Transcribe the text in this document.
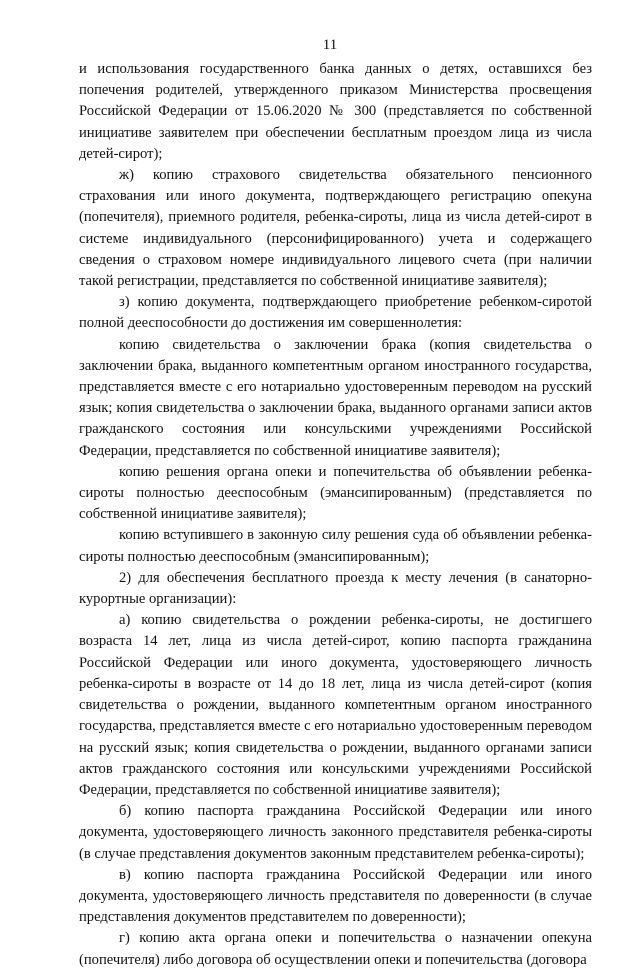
11

и использования государственного банка данных о детях, оставшихся без попечения родителей, утвержденного приказом Министерства просвещения Российской Федерации от 15.06.2020 № 300 (представляется по собственной инициативе заявителем при обеспечении бесплатным проездом лица из числа детей-сирот);

ж) копию страхового свидетельства обязательного пенсионного страхования или иного документа, подтверждающего регистрацию опекуна (попечителя), приемного родителя, ребенка-сироты, лица из числа детей-сирот в системе индивидуального (персонифицированного) учета и содержащего сведения о страховом номере индивидуального лицевого счета (при наличии такой регистрации, представляется по собственной инициативе заявителя);

з) копию документа, подтверждающего приобретение ребенком-сиротой полной дееспособности до достижения им совершеннолетия:

копию свидетельства о заключении брака (копия свидетельства о заключении брака, выданного компетентным органом иностранного государства, представляется вместе с его нотариально удостоверенным переводом на русский язык; копия свидетельства о заключении брака, выданного органами записи актов гражданского состояния или консульскими учреждениями Российской Федерации, представляется по собственной инициативе заявителя);

копию решения органа опеки и попечительства об объявлении ребенка-сироты полностью дееспособным (эмансипированным) (представляется по собственной инициативе заявителя);

копию вступившего в законную силу решения суда об объявлении ребенка-сироты полностью дееспособным (эмансипированным);

2) для обеспечения бесплатного проезда к месту лечения (в санаторно-курортные организации):

а) копию свидетельства о рождении ребенка-сироты, не достигшего возраста 14 лет, лица из числа детей-сирот, копию паспорта гражданина Российской Федерации или иного документа, удостоверяющего личность ребенка-сироты в возрасте от 14 до 18 лет, лица из числа детей-сирот (копия свидетельства о рождении, выданного компетентным органом иностранного государства, представляется вместе с его нотариально удостоверенным переводом на русский язык; копия свидетельства о рождении, выданного органами записи актов гражданского состояния или консульскими учреждениями Российской Федерации, представляется по собственной инициативе заявителя);

б) копию паспорта гражданина Российской Федерации или иного документа, удостоверяющего личность законного представителя ребенка-сироты (в случае представления документов законным представителем ребенка-сироты);

в) копию паспорта гражданина Российской Федерации или иного документа, удостоверяющего личность представителя по доверенности (в случае представления документов представителем по доверенности);

г) копию акта органа опеки и попечительства о назначении опекуна (попечителя) либо договора об осуществлении опеки и попечительства (договора
